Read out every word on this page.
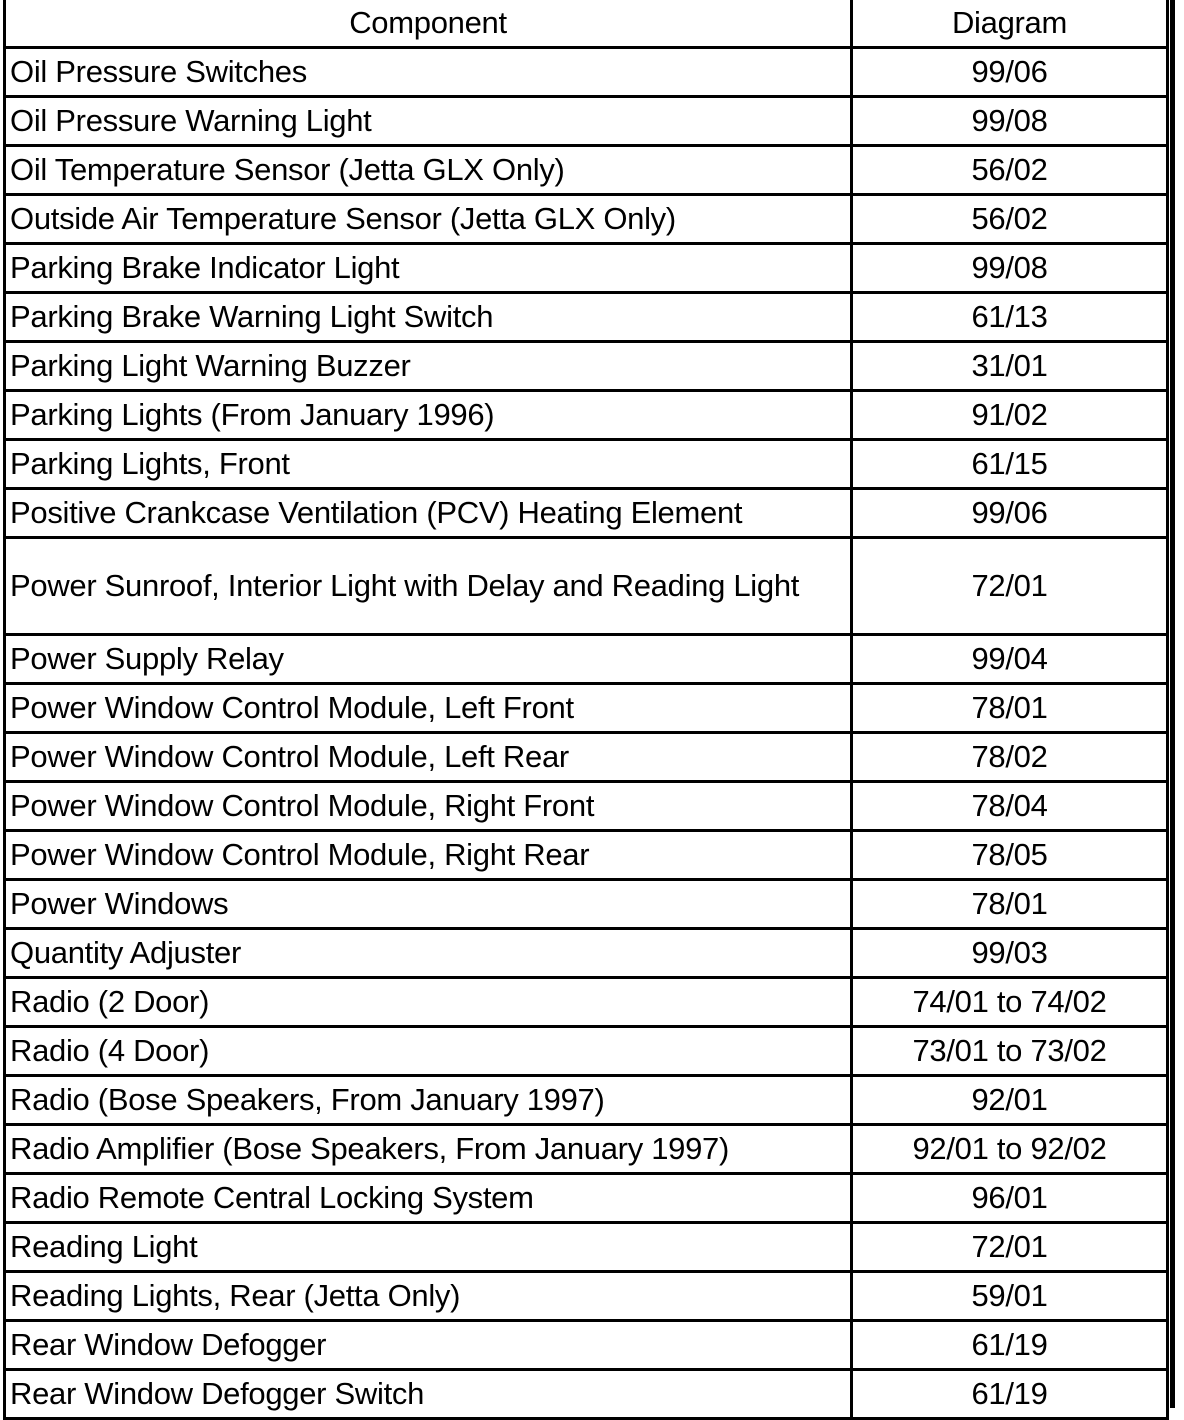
Component	Diagram
Oil Pressure Switches	99/06
Oil Pressure Warning Light	99/08
Oil Temperature Sensor (Jetta GLX Only)	56/02
Outside Air Temperature Sensor (Jetta GLX Only)	56/02
Parking Brake Indicator Light	99/08
Parking Brake Warning Light Switch	61/13
Parking Light Warning Buzzer	31/01
Parking Lights (From January 1996)	91/02
Parking Lights, Front	61/15
Positive Crankcase Ventilation (PCV) Heating Element	99/06
Power Sunroof, Interior Light with Delay and Reading Light	72/01
Power Supply Relay	99/04
Power Window Control Module, Left Front	78/01
Power Window Control Module, Left Rear	78/02
Power Window Control Module, Right Front	78/04
Power Window Control Module, Right Rear	78/05
Power Windows	78/01
Quantity Adjuster	99/03
Radio (2 Door)	74/01 to 74/02
Radio (4 Door)	73/01 to 73/02
Radio (Bose Speakers, From January 1997)	92/01
Radio Amplifier (Bose Speakers, From January 1997)	92/01 to 92/02
Radio Remote Central Locking System	96/01
Reading Light	72/01
Reading Lights, Rear (Jetta Only)	59/01
Rear Window Defogger	61/19
Rear Window Defogger Switch	61/19
